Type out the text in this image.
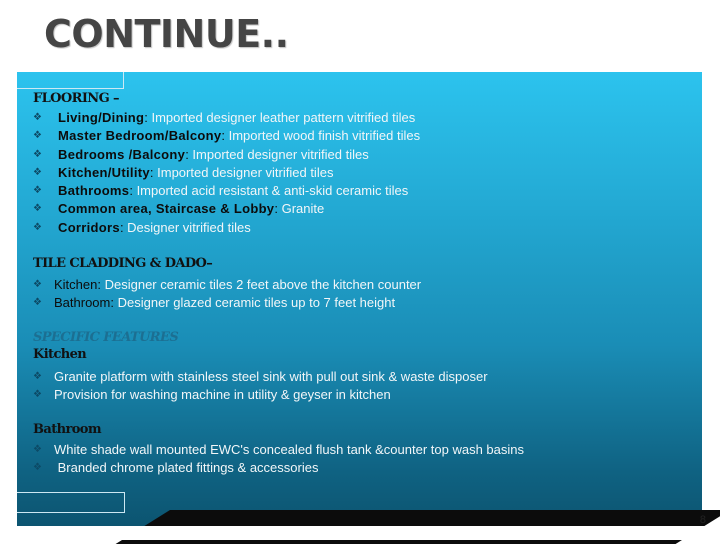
CONTINUE..
8
FLOORING –
❖ Living/Dining: Imported designer leather pattern vitrified tiles
❖ Master Bedroom/Balcony: Imported wood finish vitrified tiles
❖ Bedrooms /Balcony: Imported designer vitrified tiles
❖ Kitchen/Utility: Imported designer vitrified tiles
❖ Bathrooms: Imported acid resistant & anti-skid ceramic tiles
❖ Common area, Staircase & Lobby: Granite
❖ Corridors: Designer vitrified tiles
TILE CLADDING & DADO–
❖ Kitchen: Designer ceramic tiles 2 feet above the kitchen counter
❖ Bathroom: Designer glazed ceramic tiles up to 7 feet height
SPECIFIC FEATURES
Kitchen
❖ Granite platform with stainless steel sink with pull out sink & waste disposer
❖ Provision for washing machine in utility & geyser in kitchen
Bathroom
❖ White shade wall mounted EWC's concealed flush tank &counter top wash basins
❖ Branded chrome plated fittings & accessories
